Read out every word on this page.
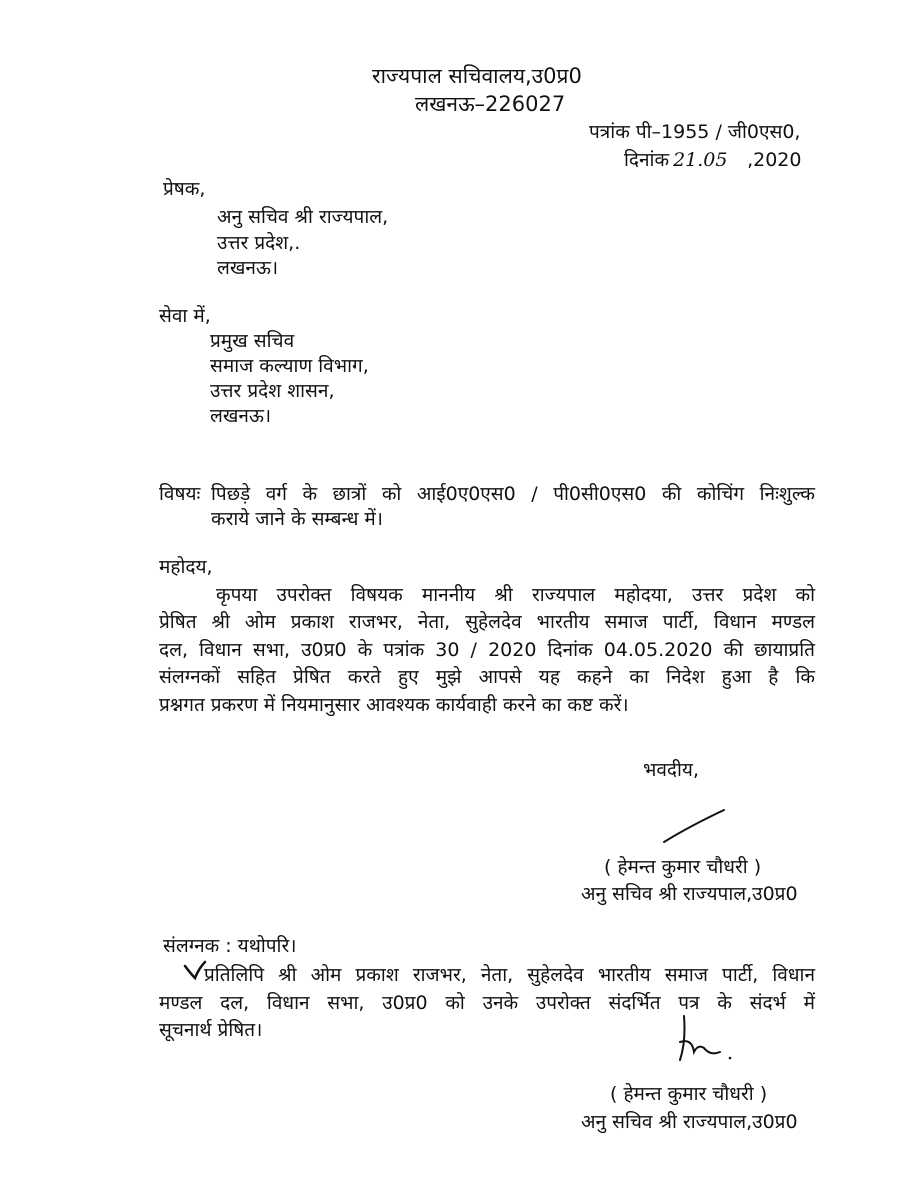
राज्यपाल सचिवालय,उ0प्र0
लखनऊ–226027
पत्रांक पी–1955 / जी0एस0,
दिनांक 21.05 ,2020
प्रेषक,
अनु सचिव श्री राज्यपाल,
उत्तर प्रदेश,.
लखनऊ।
सेवा में,
प्रमुख सचिव
समाज कल्याण विभाग,
उत्तर प्रदेश शासन,
लखनऊ।
विषयः पिछड़े वर्ग के छात्रों को आई0ए0एस0 / पी0सी0एस0 की कोचिंग निःशुल्क
कराये जाने के सम्बन्ध में।
महोदय,
कृपया उपरोक्त विषयक माननीय श्री राज्यपाल महोदया, उत्तर प्रदेश को
प्रेषित श्री ओम प्रकाश राजभर, नेता, सुहेलदेव भारतीय समाज पार्टी, विधान मण्डल
दल, विधान सभा, उ0प्र0 के पत्रांक 30 / 2020 दिनांक 04.05.2020 की छायाप्रति
संलग्नकों सहित प्रेषित करते हुए मुझे आपसे यह कहने का निदेश हुआ है कि
प्रश्नगत प्रकरण में नियमानुसार आवश्यक कार्यवाही करने का कष्ट करें।
भवदीय,
( हेमन्त कुमार चौधरी )
अनु सचिव श्री राज्यपाल,उ0प्र0
संलग्नक : यथोपरि।
प्रतिलिपि श्री ओम प्रकाश राजभर, नेता, सुहेलदेव भारतीय समाज पार्टी, विधान
मण्डल दल, विधान सभा, उ0प्र0 को उनके उपरोक्त संदर्भित पत्र के संदर्भ में
सूचनार्थ प्रेषित।
( हेमन्त कुमार चौधरी )
अनु सचिव श्री राज्यपाल,उ0प्र0
